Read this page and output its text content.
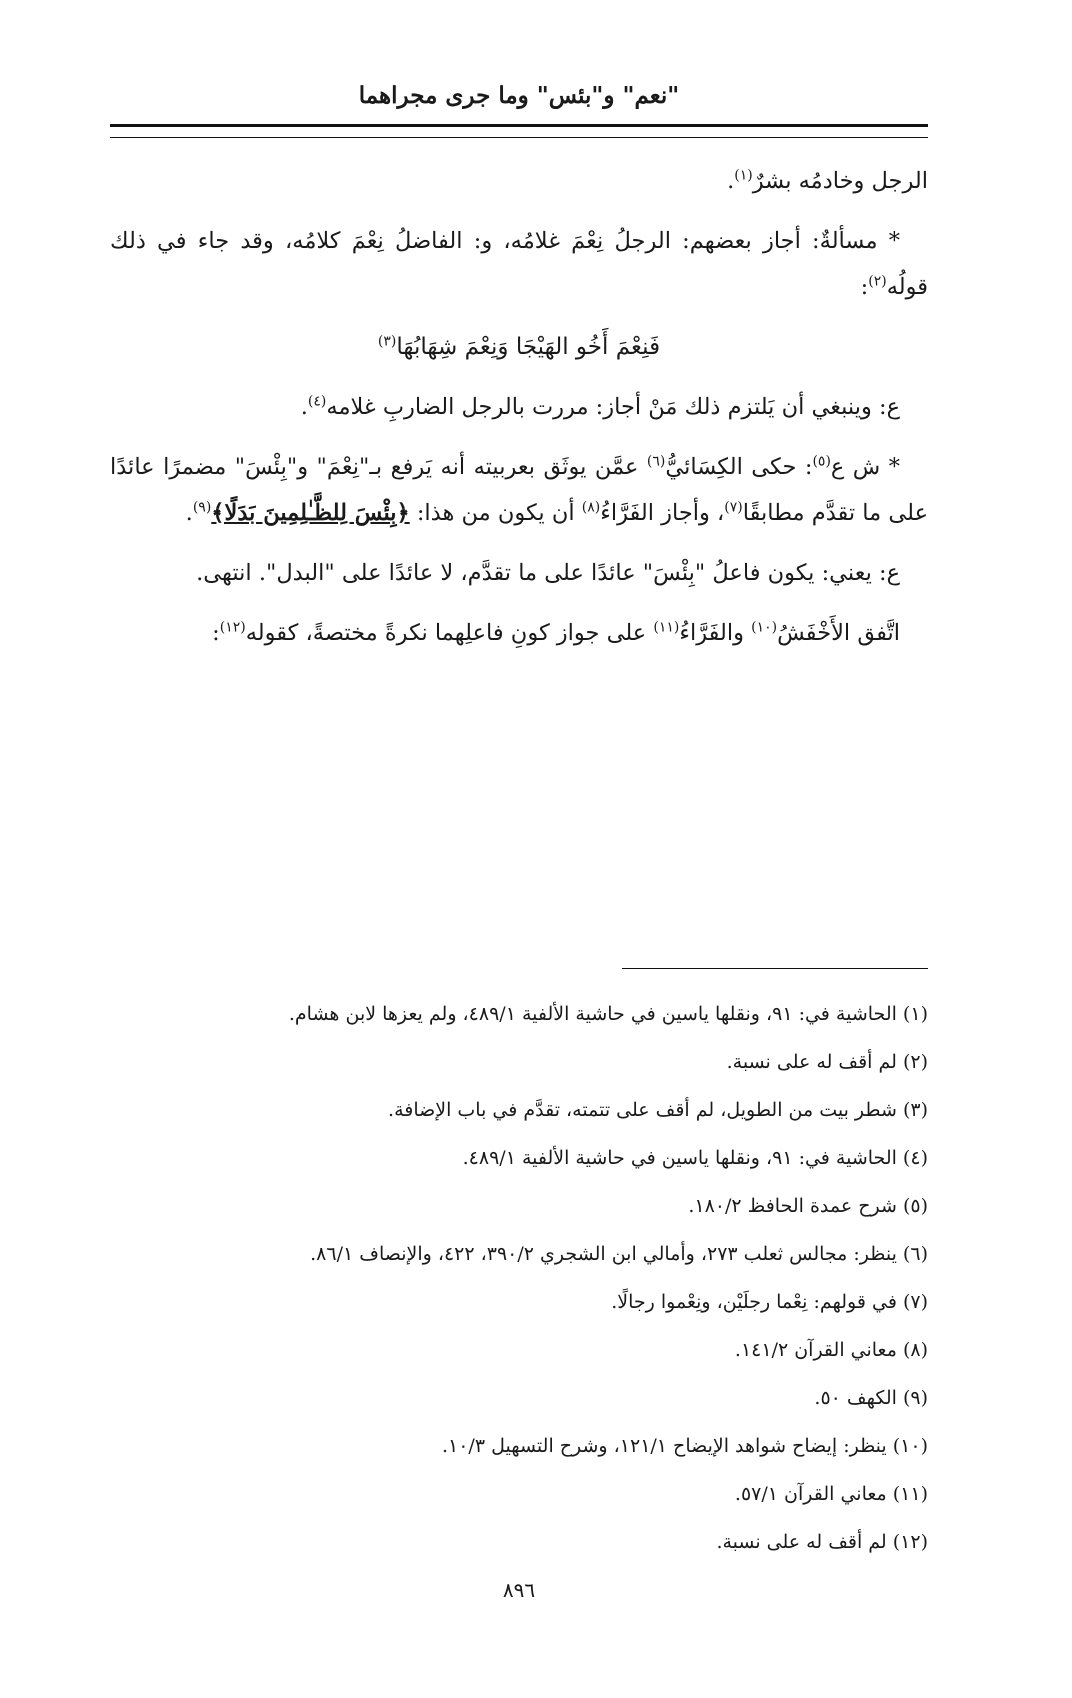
"نعم" و"بئس" وما جرى مجراهما

الرجل وخادمُه بشرٌ$^{(١)}$.

* مسألةٌ: أجاز بعضهم: الرجلُ نِعْمَ غلامُه، و: الفاضلُ نِعْمَ كلامُه، وقد جاء في ذلك قولُه$^{(٢)}$:

فَنِعْمَ أَخُو الهَيْجَا وَنِعْمَ شِهَابُهَا$^{(٣)}$

ع: وينبغي أن يَلتزم ذلك مَنْ أجاز: مررت بالرجل الضاربِ غلامه$^{(٤)}$.

* ش ع$^{(٥)}$: حكى الكِسَائيُّ$^{(٦)}$ عمَّن يوثَق بعربيته أنه يَرفع بـ"نِعْمَ" و"بِئْسَ" مضمرًا عائدًا على ما تقدَّم مطابقًا$^{(٧)}$، وأجاز الفَرَّاءُ$^{(٨)}$ أن يكون من هذا: ﴿بِئْسَ لِلظَّـٰلِمِينَ بَدَلًا﴾$^{(٩)}$.

ع: يعني: يكون فاعلُ "بِئْسَ" عائدًا على ما تقدَّم، لا عائدًا على "البدل". انتهى.

اتَّفق الأَخْفَشُ$^{(١٠)}$ والفَرَّاءُ$^{(١١)}$ على جواز كونِ فاعلِهما نكرةً مختصةً، كقوله$^{(١٢)}$:

(١) الحاشية في: ٩١، ونقلها ياسين في حاشية الألفية ٤٨٩/١، ولم يعزها لابن هشام.
(٢) لم أقف له على نسبة.
(٣) شطر بيت من الطويل، لم أقف على تتمته، تقدَّم في باب الإضافة.
(٤) الحاشية في: ٩١، ونقلها ياسين في حاشية الألفية ٤٨٩/١.
(٥) شرح عمدة الحافظ ١٨٠/٢.
(٦) ينظر: مجالس ثعلب ٢٧٣، وأمالي ابن الشجري ٣٩٠/٢، ٤٢٢، والإنصاف ٨٦/١.
(٧) في قولهم: نِعْما رجلَيْن، ونِعْموا رجالًا.
(٨) معاني القرآن ١٤١/٢.
(٩) الكهف ٥٠.
(١٠) ينظر: إيضاح شواهد الإيضاح ١٢١/١، وشرح التسهيل ١٠/٣.
(١١) معاني القرآن ٥٧/١.
(١٢) لم أقف له على نسبة.
٨٩٦
